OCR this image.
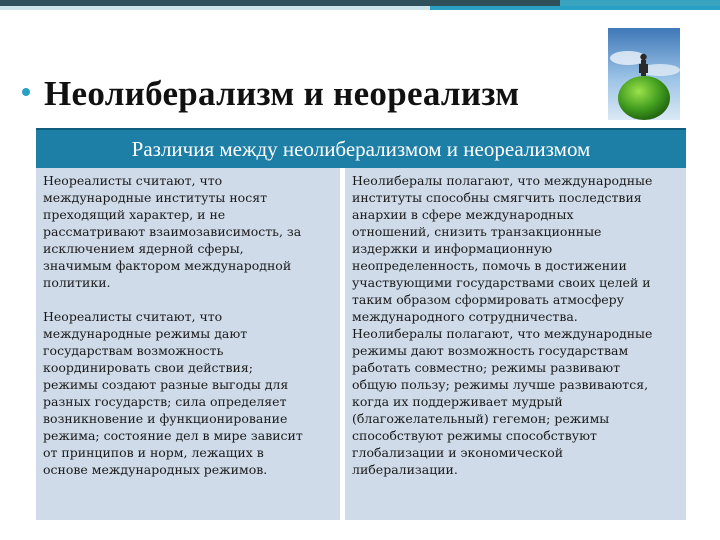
Неолиберализм и неореализм
Различия между неолиберализмом и неореализмом

Неореалисты считают, что
международные институты носят
преходящий характер, и не
рассматривают взаимозависимость, за
исключением ядерной сферы,
значимым фактором международной
политики.

Неореалисты считают, что
международные режимы дают
государствам возможность
координировать свои действия;
режимы создают разные выгоды для
разных государств; сила определяет
возникновение и функционирование
режима; состояние дел в мире зависит
от принципов и норм, лежащих в
основе международных режимов.

Неолибералы полагают, что международные
институты способны смягчить последствия
анархии в сфере международных
отношений, снизить транзакционные
издержки и информационную
неопределенность, помочь в достижении
участвующими государствами своих целей и
таким образом сформировать атмосферу
международного сотрудничества.

Неолибералы полагают, что международные
режимы дают возможность государствам
работать совместно; режимы развивают
общую пользу; режимы лучше развиваются,
когда их поддерживает мудрый
(благожелательный) гегемон; режимы
способствуют режимы способствуют
глобализации и экономической
либерализации.
